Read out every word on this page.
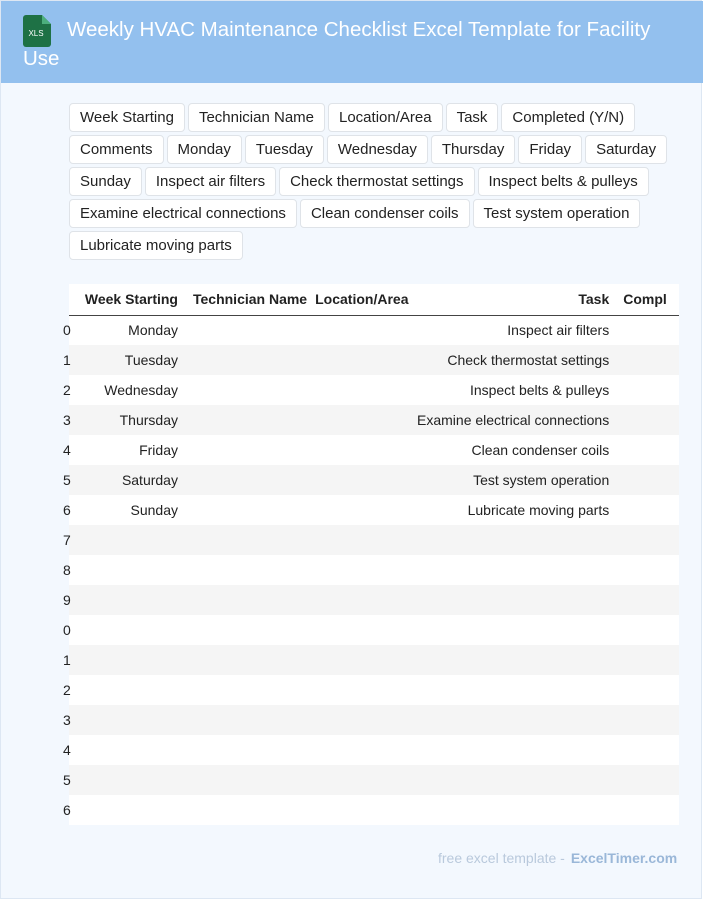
XLS	Weekly HVAC Maintenance Checklist Excel Template for Facility Use
Week Starting	Technician Name	Location/Area	Task	Completed (Y/N)
Comments	Monday	Tuesday	Wednesday	Thursday	Friday	Saturday
Sunday	Inspect air filters	Check thermostat settings	Inspect belts & pulleys
Examine electrical connections	Clean condenser coils	Test system operation
Lubricate moving parts
	Week Starting	Technician Name	Location/Area	Task	Compl
0	Monday			Inspect air filters	
1	Tuesday			Check thermostat settings	
2	Wednesday			Inspect belts & pulleys	
3	Thursday			Examine electrical connections	
4	Friday			Clean condenser coils	
5	Saturday			Test system operation	
6	Sunday			Lubricate moving parts	
7					
8					
9					
0					
1					
2					
3					
4					
5					
6					
free excel template - ExcelTimer.com
